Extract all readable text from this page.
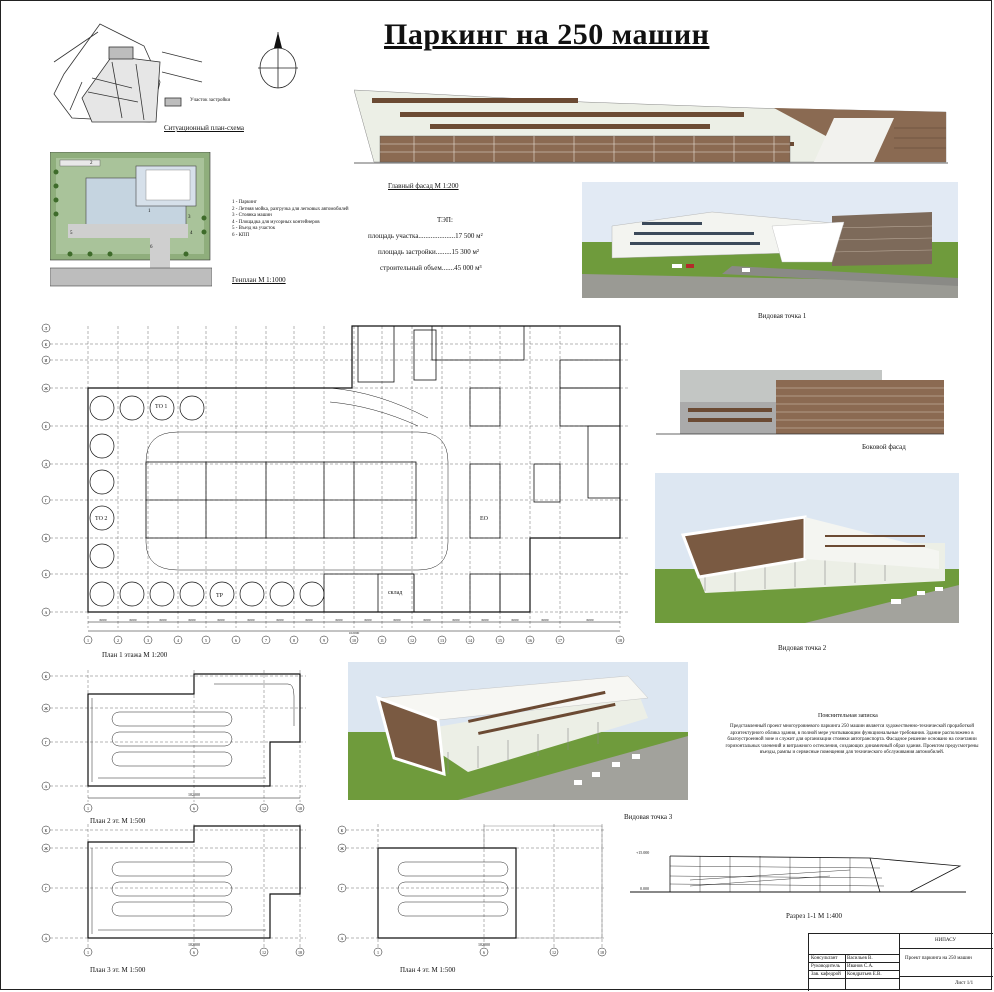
Паркинг на 250 машин
Участок застройки
Ситуационный план-схема
2
1
3
5	4
6
1 - Паркинг
2 - Летняя мойка, разгрузка для легковых автомобилей
3 - Стоянка машин
4 - Площадка для мусорных контейнеров
5 - Въезд на участок
6 - КПП
Генплан М 1:1000
Главный фасад М 1:200
ТЭП:
площадь участка.....................17 500 м²
площадь застройки.........15 300 м²
строительный объем.......45 000 м³
Видовая точка 1
Боковой фасад
Видовая точка 2
ТО 1
ТО 2
ТР
ЕО
склад
А
Б
В
Г
Д
Е
Ж
И
К
Л
1	2	3	4	5	6	7	8	9	10	11	12	13	14	15	16	17	18
6000	6000	6000	6000	6000	6000	6000	6000	6000	6000	6000	6000	6000	6000	6000	6000	6000
102000
План 1 этажа М 1:200
А
Г
Ж
К
1	6	12	18
102000
План 2 эт. М 1:500	Видовая точка 3
Пояснительная записка
Представленный проект многоуровневого паркинга 250 машин является художественно-технической проработкой архитектурного облика здания, в полной мере учитывающим функциональные требования. Здание расположено в благоустроенной зоне и служит для организации стоянки автотранспорта. Фасадное решение основано на сочетании горизонтальных членений и витражного остекления, создающих динамичный образ здания. Проектом предусмотрены въезды, рампы и сервисные помещения для технического обслуживания автомобилей.
А
Г
Ж
К
1	6	12	18
102000
План 3 эт. М 1:500
А
Г
Ж
К
1	6	12	18
102000
План 4 эт. М 1:500
+15.000
0.000
Разрез 1-1 М 1:400
Консультант Васильев В.
Руководитель Иванов С.А.
Зав. кафедрой Кондратьев Е.В.
НИПАСУ
Проект паркинга на 250 машин
Лист 1/1
